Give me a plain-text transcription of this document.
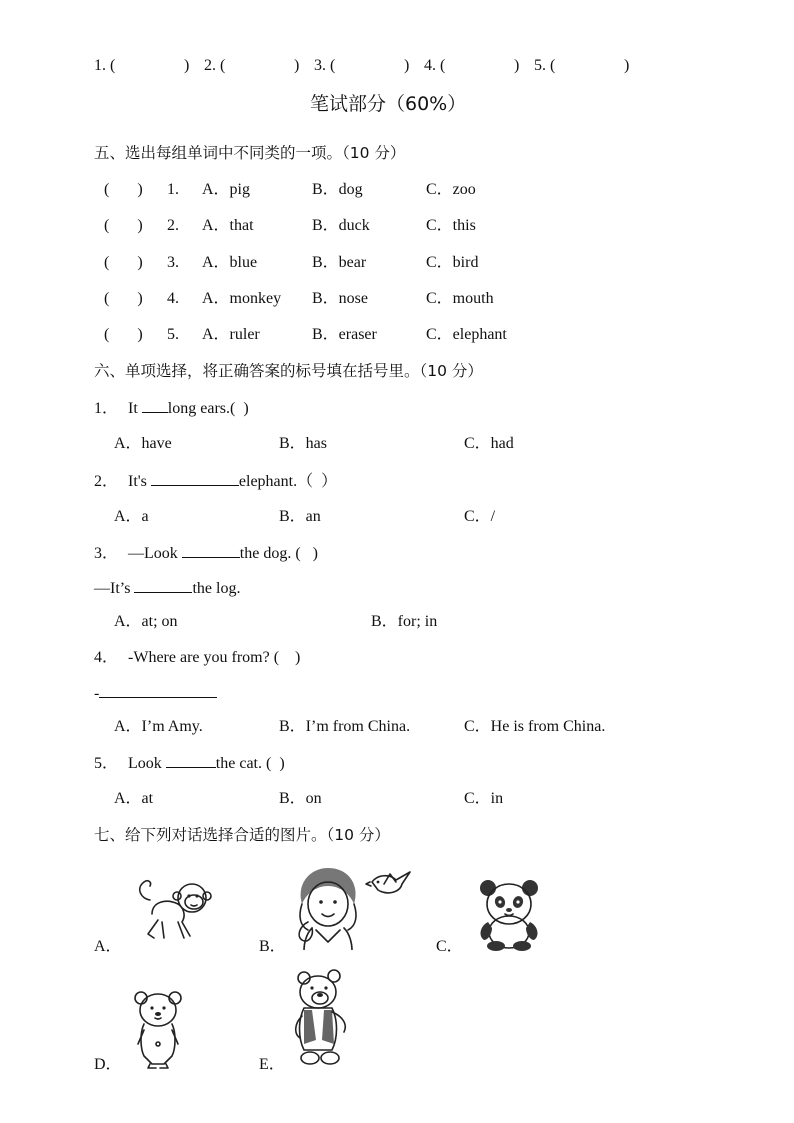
1. (	) 2. (	) 3. (	) 4. (	) 5. (	)
笔试部分（60%）
五、选出每组单词中不同类的一项。（10 分）
(       ) 1. A．pig	B．dog	C．zoo
(       ) 2. A．that	B．duck	C．this
(       ) 3. A．blue	B．bear	C．bird
(       ) 4. A．monkey B．nose	C．mouth
(       ) 5. A．ruler	B．eraser	C．elephant
六、单项选择，将正确答案的标号填在括号里。（10 分）
1． It long ears.(  )
A．have	B．has	C．had
2． It's	elephant.（  ）
A．a	B．an	C．/
3． —Look	the dog. (   )
—It’s	the log.
A．at; on	B．for; in
4． -Where are you from? (    )
-
A．I’m Amy.	B．I’m from China.	C．He is from China.
5． Look	the cat. (  )
A．at	B．on	C．in
七、给下列对话选择合适的图片。（10 分）
A．	B．	C．
D．	E．
